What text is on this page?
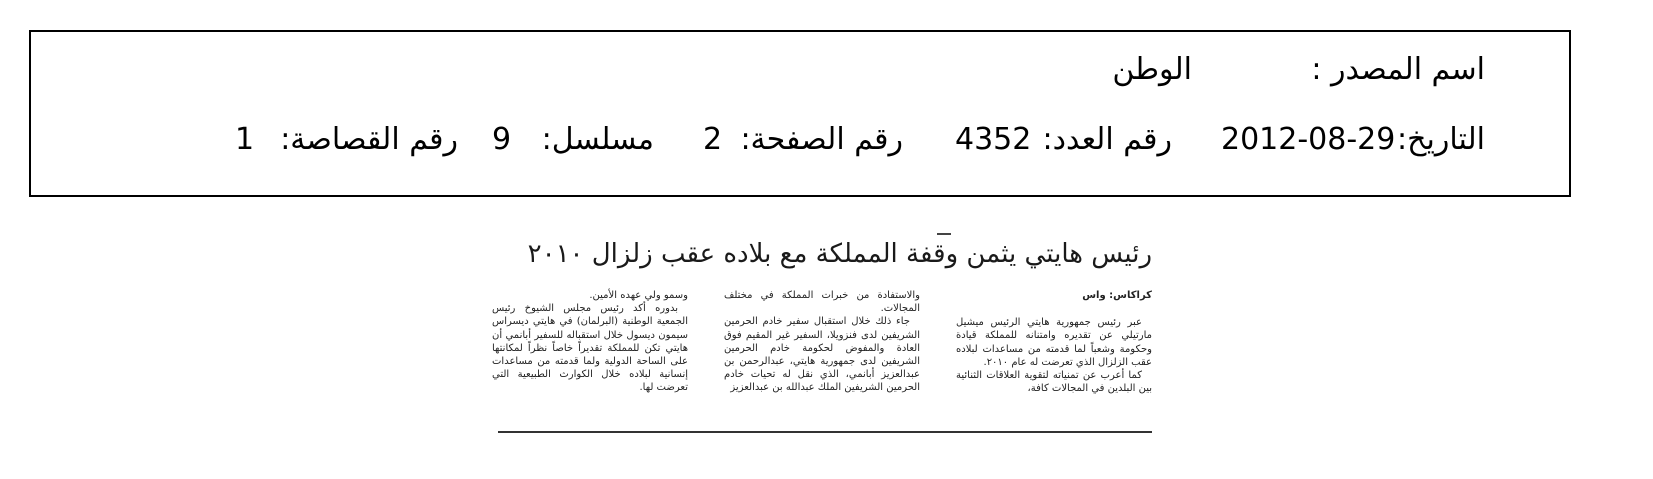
اسم المصدر :
الوطن
التاريخ:
2012-08-29
رقم العدد:
4352
رقم الصفحة:
2
مسلسل:
9
رقم القصاصة:
1
رئيس هايتي يثمن وقفة المملكة مع بلاده عقب زلزال ٢٠١٠
كراكاس: واس

عبر رئيس جمهورية هايتي الرئيس ميشيل مارتيلي عن تقديره وامتنانه للمملكة قيادة وحكومة وشعباً لما قدمته من مساعدات لبلاده عقب الزلزال الذي تعرضت له عام ٢٠١٠.

كما أعرب عن تمنياته لتقوية العلاقات الثنائية بين البلدين في المجالات كافة،

والاستفادة من خبرات المملكة في مختلف المجالات.

جاء ذلك خلال استقبال سفير خادم الحرمين الشريفين لدى فنزويلا، السفير غير المقيم فوق العادة والمفوض لحكومة خادم الحرمين الشريفين لدى جمهورية هايتي، عبدالرحمن بن عبدالعزيز أبانمي، الذي نقل له تحيات خادم الحرمين الشريفين الملك عبدالله بن عبدالعزيز

وسمو ولي عهده الأمين.

بدوره أكد رئيس مجلس الشيوخ رئيس الجمعية الوطنية (البرلمان) في هايتي ديسراس سيمون ديسول خلال استقباله للسفير أبانمي أن هايتي تكن للمملكة تقديراً خاصاً نظراً لمكانتها على الساحة الدولية ولما قدمته من مساعدات إنسانية لبلاده خلال الكوارث الطبيعية التي تعرضت لها.
